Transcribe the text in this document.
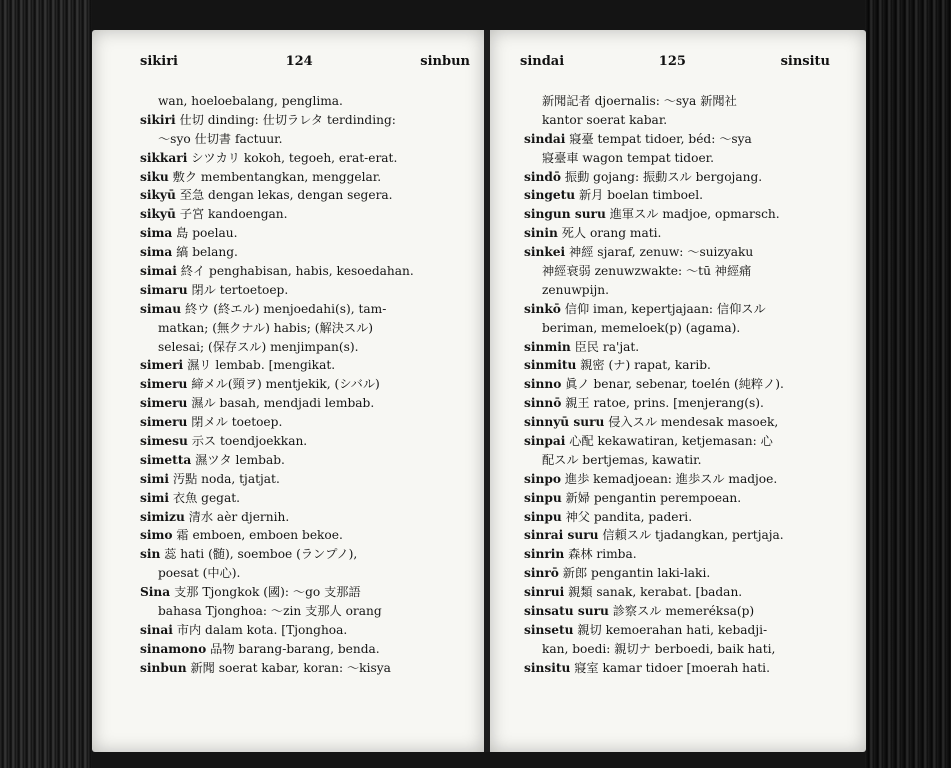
sikiri	124	sinbun
wan, hoeloebalang, penglima.
sikiri 仕切 dinding: 仕切ラレタ terdinding:
～syo 仕切書 factuur.
sikkari シツカリ kokoh, tegoeh, erat-erat.
siku 敷ク membentangkan, menggelar.
sikyū 至急 dengan lekas, dengan segera.
sikyū 子宮 kandoengan.
sima 島 poelau.
sima 縞 belang.
simai 終イ penghabisan, habis, kesoedahan.
simaru 閉ル tertoetoep.
simau 終ウ (終エル) menjoedahi(s), tam-
matkan; (無クナル) habis; (解決スル)
selesai; (保存スル) menjimpan(s).
simeri 濕リ lembab. [mengikat.
simeru 締メル(頸ヲ) mentjekik, (シバル)
simeru 濕ル basah, mendjadi lembab.
simeru 閉メル toetoep.
simesu 示ス toendjoekkan.
simetta 濕ツタ lembab.
simi 汚點 noda, tjatjat.
simi 衣魚 gegat.
simizu 清水 aèr djernih.
simo 霜 emboen, emboen bekoe.
sin 蕊 hati (髄), soemboe (ランプノ),
poesat (中心).
Sina 支那 Tjongkok (國): ～go 支那語
bahasa Tjonghoa: ～zin 支那人 orang
sinai 市内 dalam kota. [Tjonghoa.
sinamono 品物 barang-barang, benda.
sinbun 新聞 soerat kabar, koran: ～kisya
sindai	125	sinsitu
新聞記者 djoernalis: ～sya 新聞社
kantor soerat kabar.
sindai 寢臺 tempat tidoer, béd: ～sya
寢臺車 wagon tempat tidoer.
sindō 振動 gojang: 振動スル bergojang.
singetu 新月 boelan timboel.
singun suru 進軍スル madjoe, opmarsch.
sinin 死人 orang mati.
sinkei 神經 sjaraf, zenuw: ～suizyaku
神經衰弱 zenuwzwakte: ～tū 神經痛
zenuwpijn.
sinkō 信仰 iman, kepertjajaan: 信仰スル
beriman, memeloek(p) (agama).
sinmin 臣民 ra'jat.
sinmitu 親密 (ナ) rapat, karib.
sinno 眞ノ benar, sebenar, toelén (純粹ノ).
sinnō 親王 ratoe, prins. [menjerang(s).
sinnyū suru 侵入スル mendesak masoek,
sinpai 心配 kekawatiran, ketjemasan: 心
配スル bertjemas, kawatir.
sinpo 進歩 kemadjoean: 進歩スル madjoe.
sinpu 新婦 pengantin perempoean.
sinpu 神父 pandita, paderi.
sinrai suru 信頼スル tjadangkan, pertjaja.
sinrin 森林 rimba.
sinrō 新郎 pengantin laki-laki.
sinrui 親類 sanak, kerabat. [badan.
sinsatu suru 診察スル memeréksa(p)
sinsetu 親切 kemoerahan hati, kebadji-
kan, boedi: 親切ナ berboedi, baik hati,
sinsitu 寢室 kamar tidoer [moerah hati.
